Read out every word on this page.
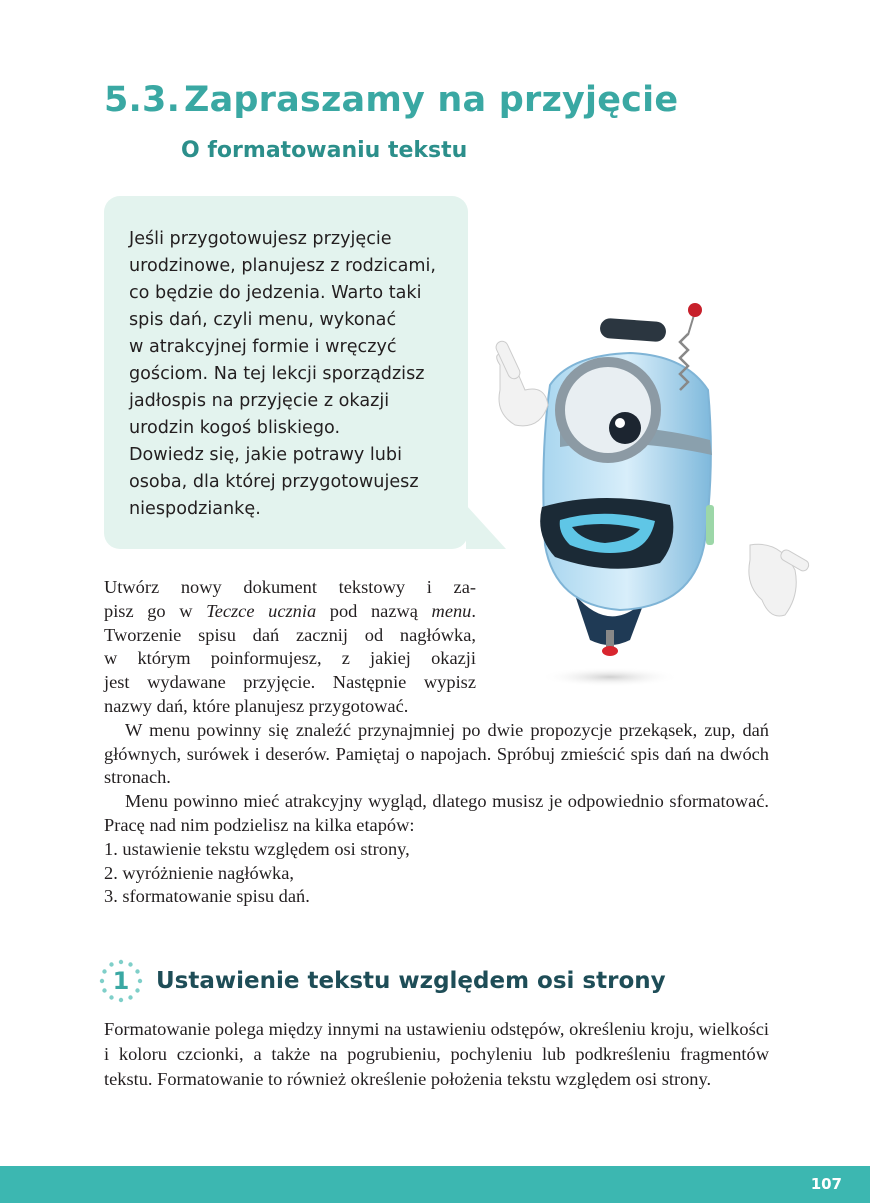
5.3. Zapraszamy na przyjęcie
O formatowaniu tekstu
Jeśli przygotowujesz przyjęcie
urodzinowe, planujesz z rodzicami,
co będzie do jedzenia. Warto taki
spis dań, czyli menu, wykonać
w atrakcyjnej formie i wręczyć
gościom. Na tej lekcji sporządzisz
jadłospis na przyjęcie z okazji
urodzin kogoś bliskiego.
Dowiedz się, jakie potrawy lubi
osoba, dla której przygotowujesz
niespodziankę.
Utwórz nowy dokument tekstowy i za-
pisz go w Teczce ucznia pod nazwą menu.
Tworzenie spisu dań zacznij od nagłówka,
w którym poinformujesz, z jakiej okazji
jest wydawane przyjęcie. Następnie wypisz
nazwy dań, które planujesz przygotować.

W menu powinny się znaleźć przynajmniej po dwie propozycje przekąsek, zup, dań głównych, surówek i deserów. Pamiętaj o napojach. Spróbuj zmieścić spis dań na dwóch stronach.

Menu powinno mieć atrakcyjny wygląd, dlatego musisz je odpowiednio sformatować. Pracę nad nim podzielisz na kilka etapów:

1. ustawienie tekstu względem osi strony,

2. wyróżnienie nagłówka,

3. sformatowanie spisu dań.

1	Ustawienie tekstu względem osi strony
Formatowanie polega między innymi na ustawieniu odstępów, określeniu kroju, wielkości i koloru czcionki, a także na pogrubieniu, pochyleniu lub podkreśleniu fragmentów tekstu. Formatowanie to również określenie położenia tekstu względem osi strony.
107
